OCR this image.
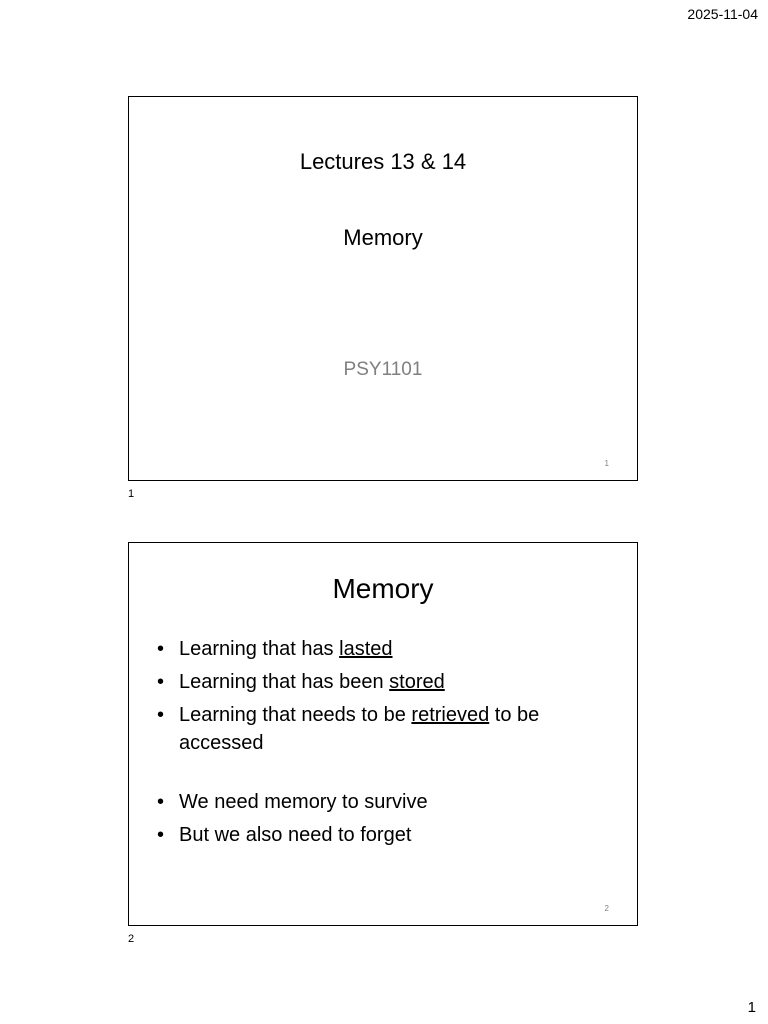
2025-11-04
Lectures 13 & 14
Memory
PSY1101
1
1
Memory
• Learning that has lasted
• Learning that has been stored
• Learning that needs to be retrieved to be accessed
• We need memory to survive
• But we also need to forget
2
2
1
